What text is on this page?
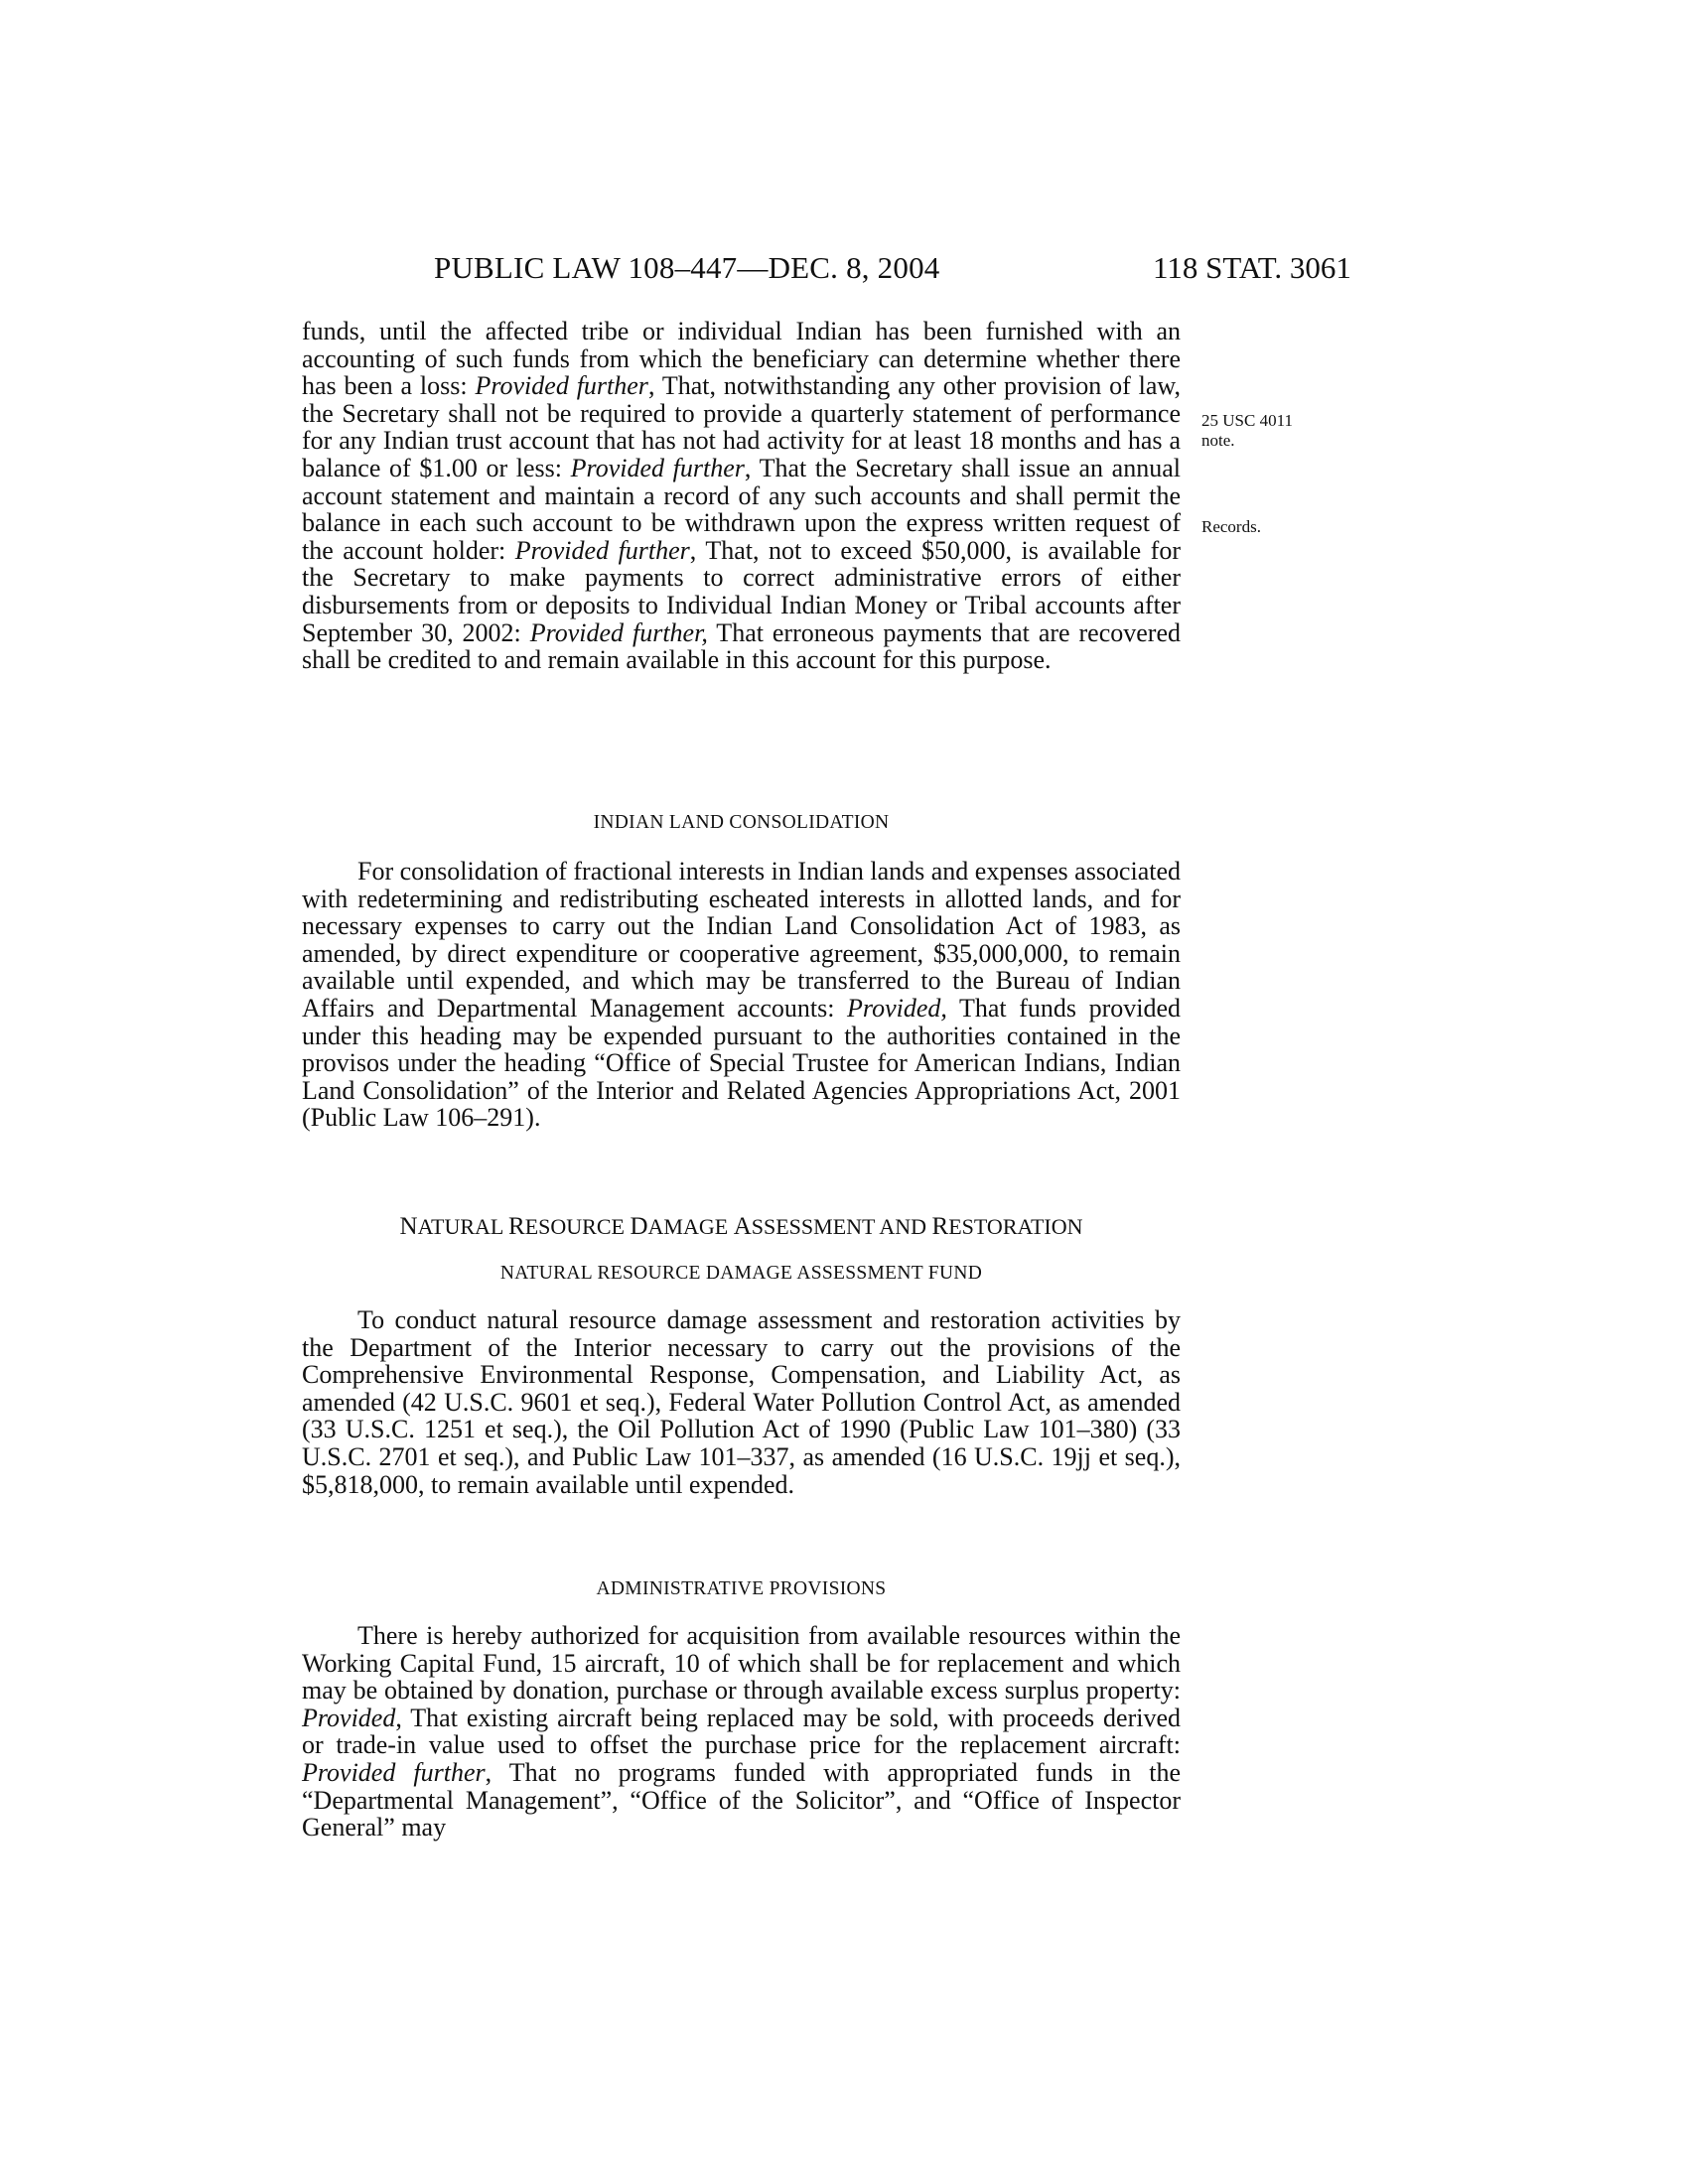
PUBLIC LAW 108–447—DEC. 8, 2004	118 STAT. 3061
25 USC 4011
note.
Records.

funds, until the affected tribe or individual Indian has been furnished with an accounting of such funds from which the beneficiary can determine whether there has been a loss: Provided further, That, notwithstanding any other provision of law, the Secretary shall not be required to provide a quarterly statement of performance for any Indian trust account that has not had activity for at least 18 months and has a balance of $1.00 or less: Provided further, That the Secretary shall issue an annual account statement and maintain a record of any such accounts and shall permit the balance in each such account to be withdrawn upon the express written request of the account holder: Provided further, That, not to exceed $50,000, is available for the Secretary to make payments to correct administrative errors of either disbursements from or deposits to Individual Indian Money or Tribal accounts after September 30, 2002: Provided further, That erroneous payments that are recovered shall be credited to and remain available in this account for this purpose.

INDIAN LAND CONSOLIDATION

For consolidation of fractional interests in Indian lands and expenses associated with redetermining and redistributing escheated interests in allotted lands, and for necessary expenses to carry out the Indian Land Consolidation Act of 1983, as amended, by direct expenditure or cooperative agreement, $35,000,000, to remain available until expended, and which may be transferred to the Bureau of Indian Affairs and Departmental Management accounts: Provided, That funds provided under this heading may be expended pursuant to the authorities contained in the provisos under the heading “Office of Special Trustee for American Indians, Indian Land Consolidation” of the Interior and Related Agencies Appropriations Act, 2001 (Public Law 106–291).

NATURAL RESOURCE DAMAGE ASSESSMENT AND RESTORATION
NATURAL RESOURCE DAMAGE ASSESSMENT FUND

To conduct natural resource damage assessment and restoration activities by the Department of the Interior necessary to carry out the provisions of the Comprehensive Environmental Response, Compensation, and Liability Act, as amended (42 U.S.C. 9601 et seq.), Federal Water Pollution Control Act, as amended (33 U.S.C. 1251 et seq.), the Oil Pollution Act of 1990 (Public Law 101–380) (33 U.S.C. 2701 et seq.), and Public Law 101–337, as amended (16 U.S.C. 19jj et seq.), $5,818,000, to remain available until expended.

ADMINISTRATIVE PROVISIONS

There is hereby authorized for acquisition from available resources within the Working Capital Fund, 15 aircraft, 10 of which shall be for replacement and which may be obtained by donation, purchase or through available excess surplus property: Provided, That existing aircraft being replaced may be sold, with proceeds derived or trade-in value used to offset the purchase price for the replacement aircraft: Provided further, That no programs funded with appropriated funds in the “Departmental Management”, “Office of the Solicitor”, and “Office of Inspector General” may
